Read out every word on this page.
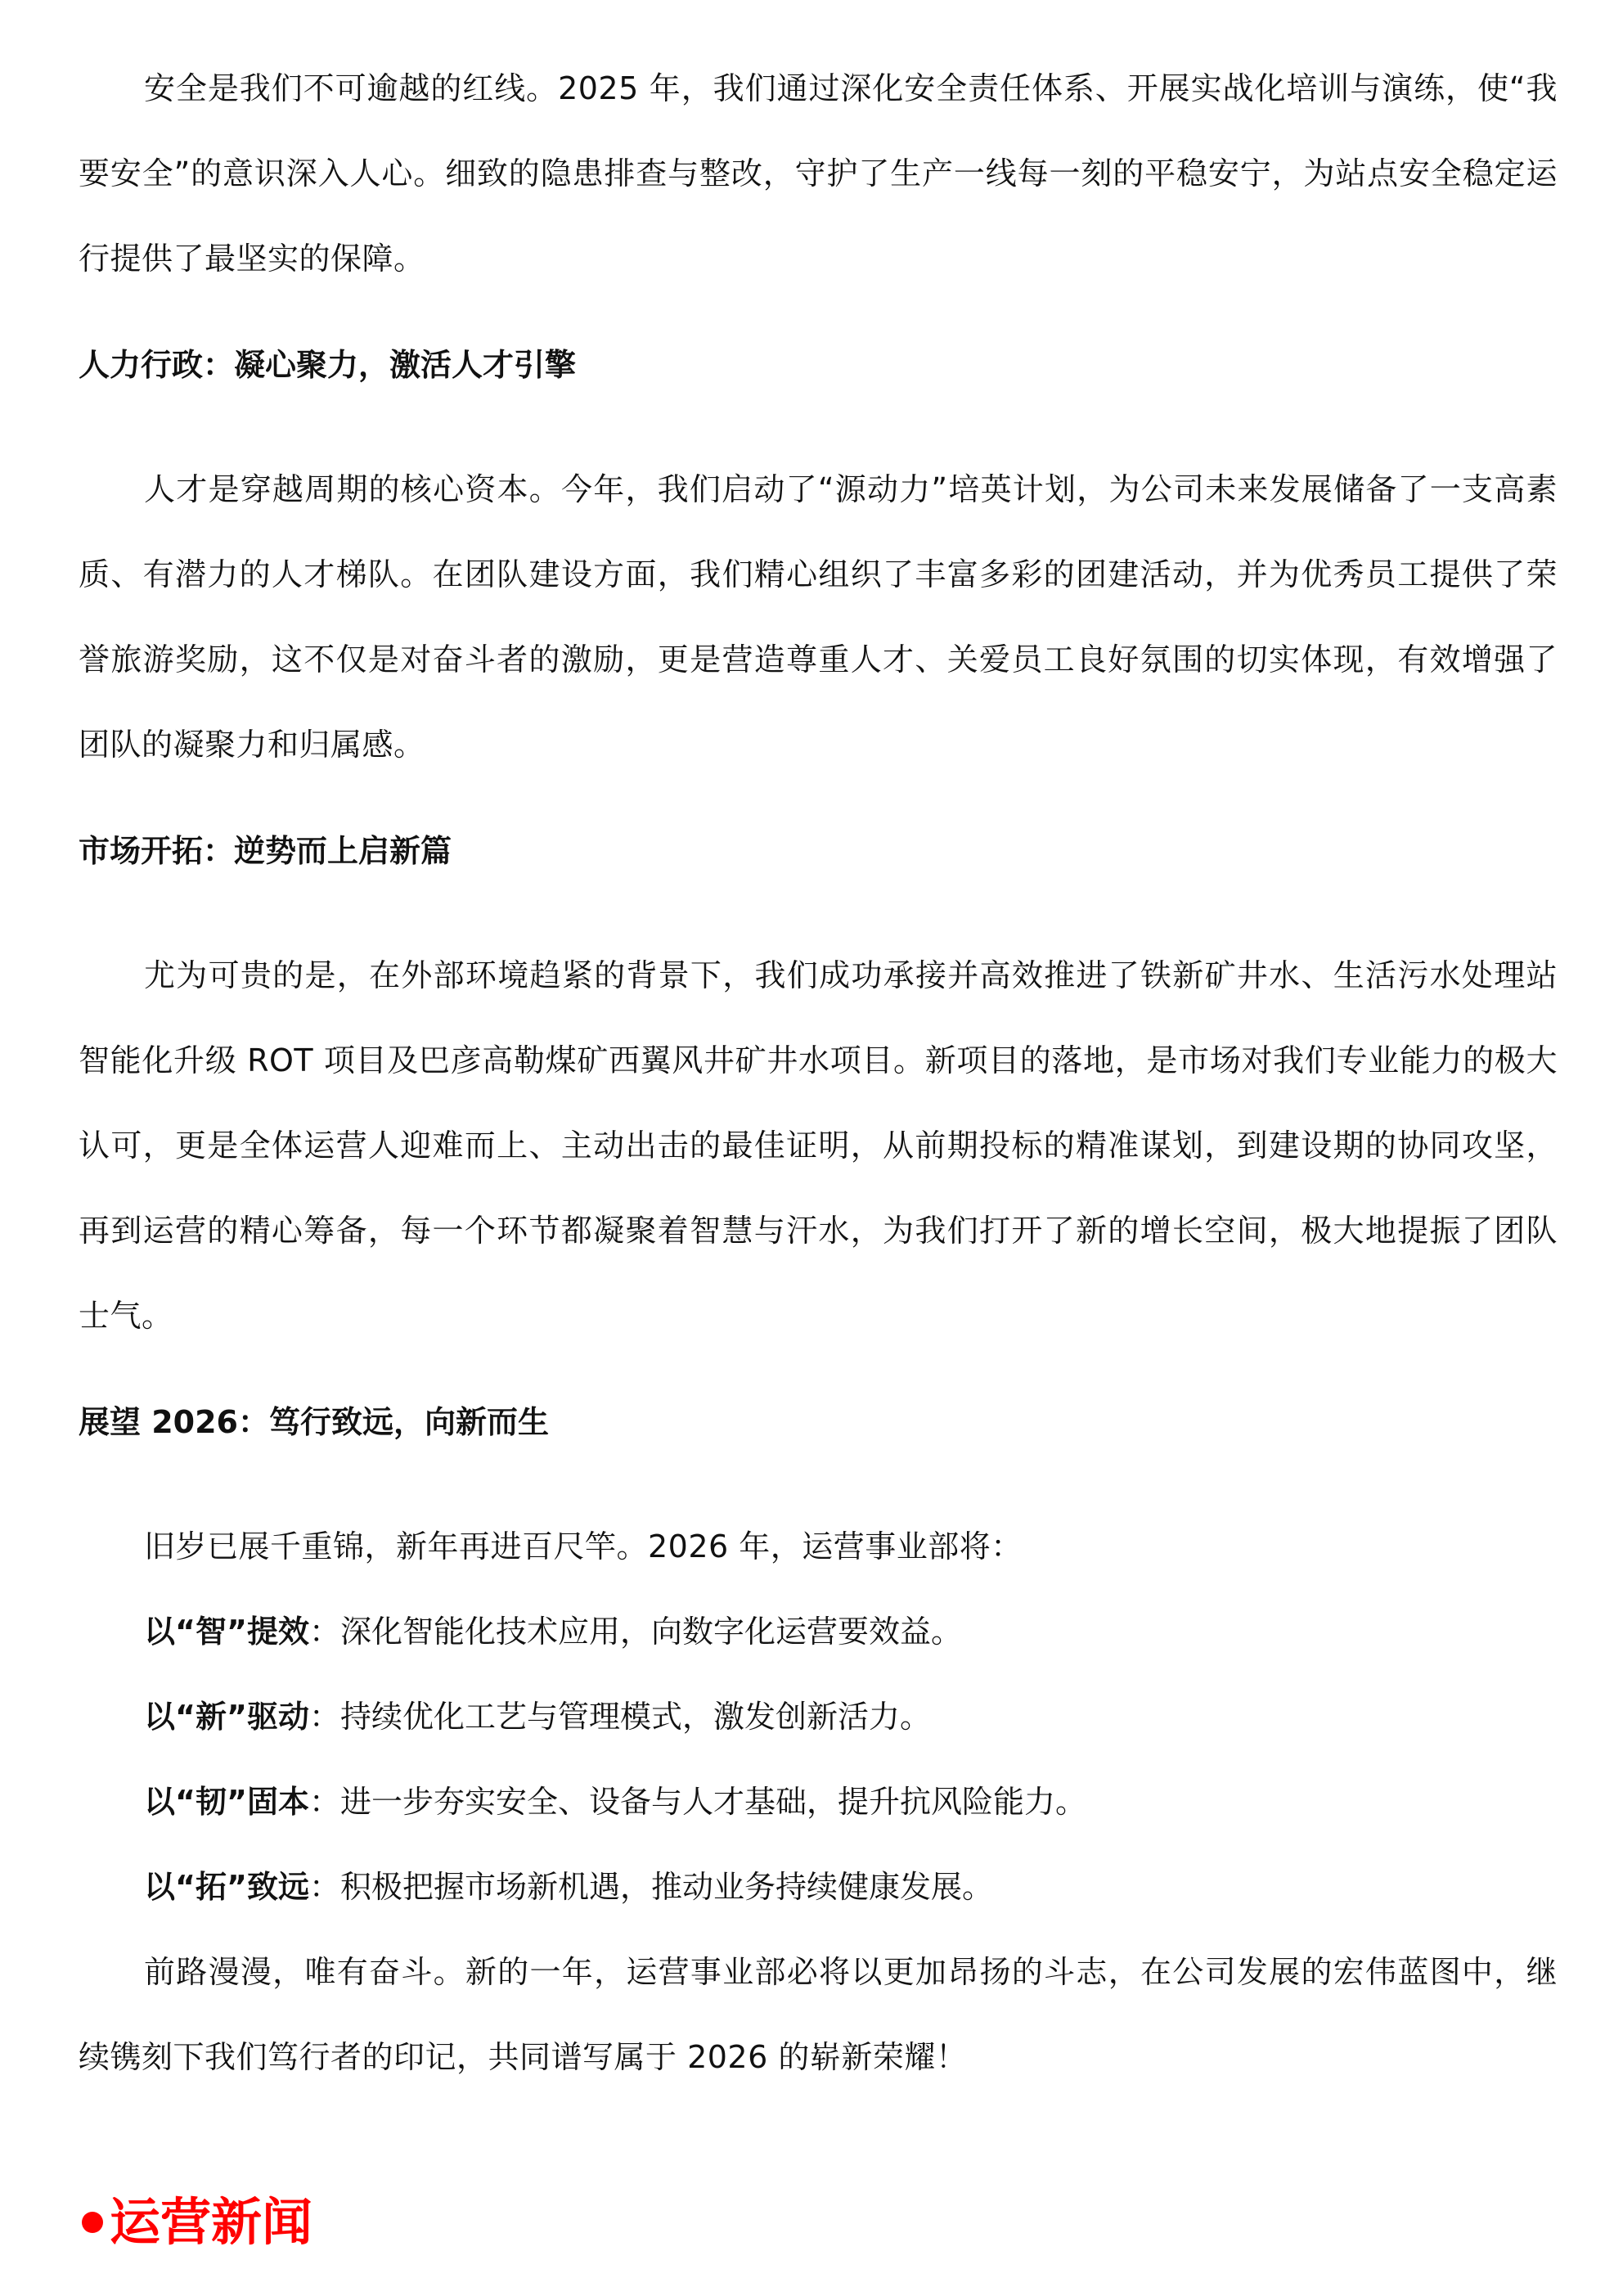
安全是我们不可逾越的红线。2025 年，我们通过深化安全责任体系、开展实战化培训与演练，使“我要安全”的意识深入人心。细致的隐患排查与整改，守护了生产一线每一刻的平稳安宁，为站点安全稳定运行提供了最坚实的保障。

人力行政：凝心聚力，激活人才引擎

人才是穿越周期的核心资本。今年，我们启动了“源动力”培英计划，为公司未来发展储备了一支高素质、有潜力的人才梯队。在团队建设方面，我们精心组织了丰富多彩的团建活动，并为优秀员工提供了荣誉旅游奖励，这不仅是对奋斗者的激励，更是营造尊重人才、关爱员工良好氛围的切实体现，有效增强了团队的凝聚力和归属感。

市场开拓：逆势而上启新篇

尤为可贵的是，在外部环境趋紧的背景下，我们成功承接并高效推进了铁新矿井水、生活污水处理站智能化升级 ROT 项目及巴彦高勒煤矿西翼风井矿井水项目。新项目的落地，是市场对我们专业能力的极大认可，更是全体运营人迎难而上、主动出击的最佳证明，从前期投标的精准谋划，到建设期的协同攻坚，再到运营的精心筹备，每一个环节都凝聚着智慧与汗水，为我们打开了新的增长空间，极大地提振了团队士气。

展望 2026：笃行致远，向新而生

旧岁已展千重锦，新年再进百尺竿。2026 年，运营事业部将：

以“智”提效：深化智能化技术应用，向数字化运营要效益。

以“新”驱动：持续优化工艺与管理模式，激发创新活力。

以“韧”固本：进一步夯实安全、设备与人才基础，提升抗风险能力。

以“拓”致远：积极把握市场新机遇，推动业务持续健康发展。

前路漫漫，唯有奋斗。新的一年，运营事业部必将以更加昂扬的斗志，在公司发展的宏伟蓝图中，继续镌刻下我们笃行者的印记，共同谱写属于 2026 的崭新荣耀！

运营新闻
